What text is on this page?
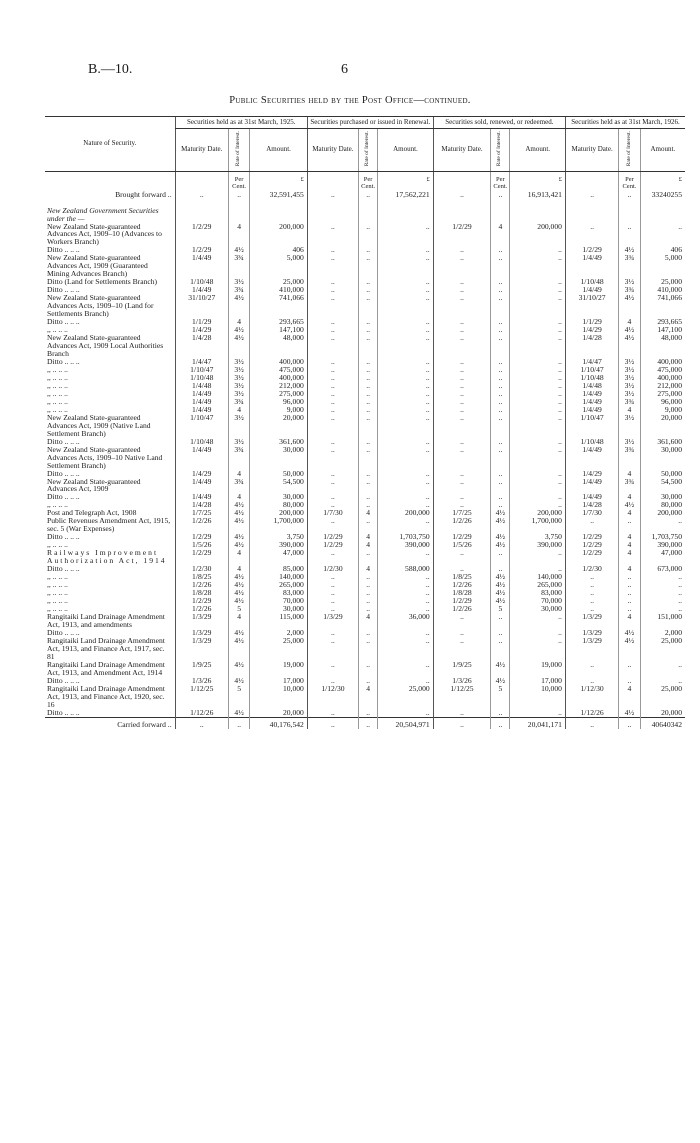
B.—10.	6
Public Securities held by the Post Office—continued.
Nature of Security.	Securities held as at 31st March, 1925.			Securities purchased or issued in Renewal.			Securities sold, renewed, or redeemed.			Securities held as at 31st March, 1926.		
	Maturity Date.	Rate of Interest.	Amount.	Maturity Date.	Rate of Interest.	Amount.	Maturity Date.	Rate of Interest.	Amount.	Maturity Date.	Rate of Interest.	Amount.
		Per Cent.	£		Per Cent.	£		Per Cent.	£		Per Cent.	£
Brought forward ..	..	..	32,591,455	..	..	17,562,221	..	..	16,913,421	..	..	33240255
New Zealand Government Securities under the —												
New Zealand State-guaranteed Advances Act, 1909–10 (Advances to Workers Branch)	1/2/29	4	200,000	..	..	..	1/2/29	4	200,000	..	..	..
Ditto .. .. ..	1/2/29	4½	406	..	..	..	..	..	..	1/2/29	4½	406
New Zealand State-guaranteed Advances Act, 1909 (Guaranteed Mining Advances Branch)	1/4/49	3¾	5,000	..	..	..	..	..	..	1/4/49	3¾	5,000
Ditto (Land for Settlements Branch)	1/10/48	3½	25,000	..	..	..	..	..	..	1/10/48	3½	25,000
Ditto .. .. ..	1/4/49	3¾	410,000	..	..	..	..	..	..	1/4/49	3¾	410,000
New Zealand State-guaranteed Advances Acts, 1909–10 (Land for Settlements Branch)	31/10/27	4½	741,066	..	..	..	..	..	..	31/10/27	4½	741,066
Ditto .. .. ..	1/1/29	4	293,665	..	..	..	..	..	..	1/1/29	4	293,665
,, .. .. ..	1/4/29	4½	147,100	..	..	..	..	..	..	1/4/29	4½	147,100
New Zealand State-guaranteed Advances Act, 1909 Local Authorities Branch	1/4/28	4½	48,000	..	..	..	..	..	..	1/4/28	4½	48,000
Ditto .. .. ..	1/4/47	3½	400,000	..	..	..	..	..	..	1/4/47	3½	400,000
,, .. .. ..	1/10/47	3½	475,000	..	..	..	..	..	..	1/10/47	3½	475,000
,, .. .. ..	1/10/48	3½	400,000	..	..	..	..	..	..	1/10/48	3½	400,000
,, .. .. ..	1/4/48	3½	212,000	..	..	..	..	..	..	1/4/48	3½	212,000
,, .. .. ..	1/4/49	3½	275,000	..	..	..	..	..	..	1/4/49	3½	275,000
,, .. .. ..	1/4/49	3¾	96,000	..	..	..	..	..	..	1/4/49	3¾	96,000
,, .. .. ..	1/4/49	4	9,000	..	..	..	..	..	..	1/4/49	4	9,000
New Zealand State-guaranteed Advances Act, 1909 (Native Land Settlement Branch)	1/10/47	3½	20,000	..	..	..	..	..	..	1/10/47	3½	20,000
Ditto .. .. ..	1/10/48	3½	361,600	..	..	..	..	..	..	1/10/48	3½	361,600
New Zealand State-guaranteed Advances Acts, 1909–10 Native Land Settlement Branch)	1/4/49	3¾	30,000	..	..	..	..	..	..	1/4/49	3¾	30,000
Ditto .. .. ..	1/4/29	4	50,000	..	..	..	..	..	..	1/4/29	4	50,000
New Zealand State-guaranteed Advances Act, 1909	1/4/49	3¾	54,500	..	..	..	..	..	..	1/4/49	3¾	54,500
Ditto .. .. ..	1/4/49	4	30,000	..	..	..	..	..	..	1/4/49	4	30,000
,, .. .. ..	1/4/28	4½	80,000	..	..	..	..	..	..	1/4/28	4½	80,000
Post and Telegraph Act, 1908	1/7/25	4½	200,000	1/7/30	4	200,000	1/7/25	4½	200,000	1/7/30	4	200,000
Public Revenues Amendment Act, 1915, sec. 5 (War Expenses)	1/2/26	4½	1,700,000	..	..	..	1/2/26	4½	1,700,000	..	..	..
Ditto .. .. ..	1/2/29	4½	3,750	1/2/29	4	1,703,750	1/2/29	4½	3,750	1/2/29	4	1,703,750
,, .. .. ..	1/5/26	4½	390,000	1/2/29	4	390,000	1/5/26	4½	390,000	1/2/29	4	390,000
Railways Improvement Authorization Act, 1914	1/2/29	4	47,000	..	..	..	..	..	..	1/2/29	4	47,000
Ditto .. .. ..	1/2/30	4	85,000	1/2/30	4	588,000	..	..	..	1/2/30	4	673,000
,, .. .. ..	1/8/25	4½	140,000	..	..	..	1/8/25	4½	140,000	..	..	..
,, .. .. ..	1/2/26	4½	265,000	..	..	..	1/2/26	4½	265,000	..	..	..
,, .. .. ..	1/8/28	4½	83,000	..	..	..	1/8/28	4½	83,000	..	..	..
,, .. .. ..	1/2/29	4½	70,000	..	..	..	1/2/29	4½	70,000	..	..	..
,, .. .. ..	1/2/26	5	30,000	..	..	..	1/2/26	5	30,000	..	..	..
Rangitaiki Land Drainage Amendment Act, 1913, and amendments	1/3/29	4	115,000	1/3/29	4	36,000	..	..	..	1/3/29	4	151,000
Ditto .. .. ..	1/3/29	4½	2,000	..	..	..	..	..	..	1/3/29	4½	2,000
Rangitaiki Land Drainage Amendment Act, 1913, and Finance Act, 1917, sec. 81	1/3/29	4½	25,000	..	..	..	..	..	..	1/3/29	4½	25,000
Rangitaiki Land Drainage Amendment Act, 1913, and Amendment Act, 1914	1/9/25	4½	19,000	..	..	..	1/9/25	4½	19,000	..	..	..
Ditto .. .. ..	1/3/26	4½	17,000	..	..	..	1/3/26	4½	17,000	..	..	..
Rangitaiki Land Drainage Amendment Act, 1913, and Finance Act, 1920, sec. 16	1/12/25	5	10,000	1/12/30	4	25,000	1/12/25	5	10,000	1/12/30	4	25,000
Ditto .. .. ..	1/12/26	4½	20,000	..	..	..	..	..	..	1/12/26	4½	20,000
Carried forward ..	..	..	40,176,542	..	..	20,504,971	..	..	20,041,171	..	..	40640342
